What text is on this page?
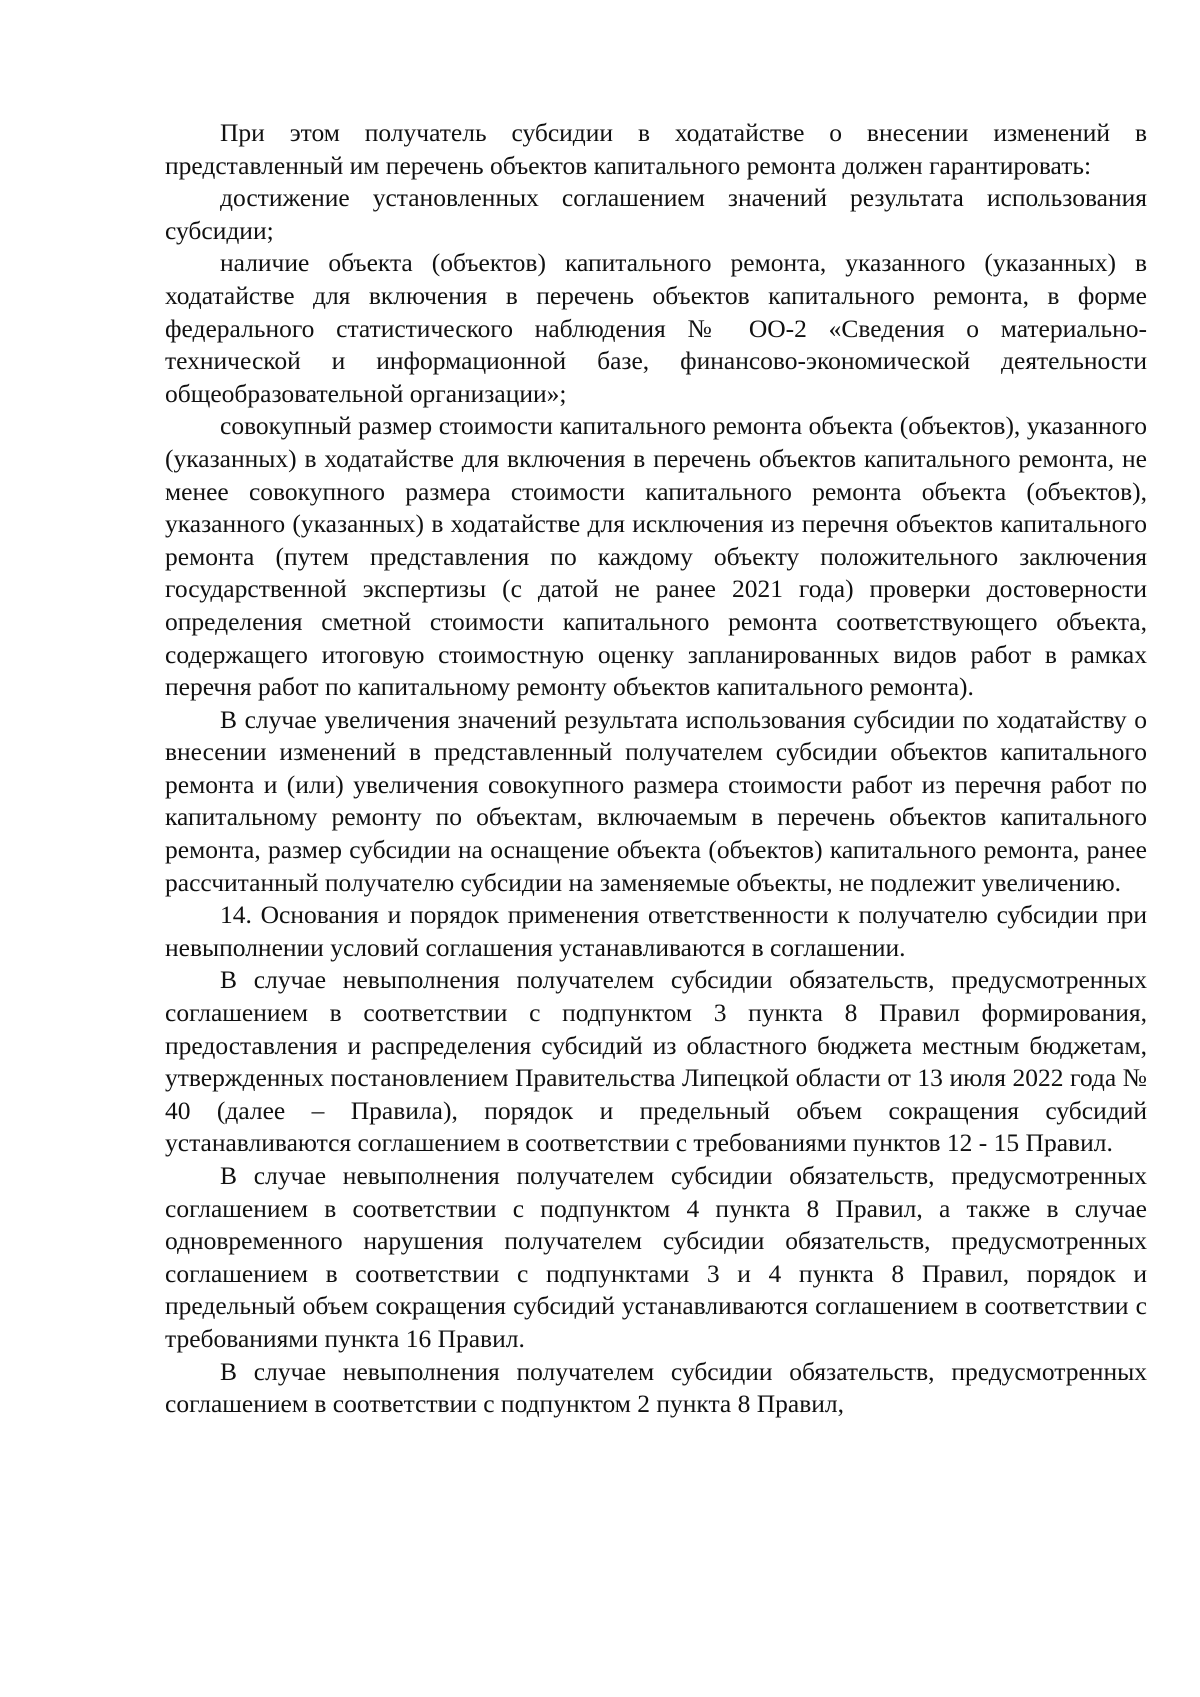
При этом получатель субсидии в ходатайстве о внесении изменений в представленный им перечень объектов капитального ремонта должен гарантировать:

достижение установленных соглашением значений результата использования субсидии;

наличие объекта (объектов) капитального ремонта, указанного (указанных) в ходатайстве для включения в перечень объектов капитального ремонта, в форме федерального статистического наблюдения № ОО-2 «Сведения о материально-технической и информационной базе, финансово-экономической деятельности общеобразовательной организации»;

совокупный размер стоимости капитального ремонта объекта (объектов), указанного (указанных) в ходатайстве для включения в перечень объектов капитального ремонта, не менее совокупного размера стоимости капитального ремонта объекта (объектов), указанного (указанных) в ходатайстве для исключения из перечня объектов капитального ремонта (путем представления по каждому объекту положительного заключения государственной экспертизы (с датой не ранее 2021 года) проверки достоверности определения сметной стоимости капитального ремонта соответствующего объекта, содержащего итоговую стоимостную оценку запланированных видов работ в рамках перечня работ по капитальному ремонту объектов капитального ремонта).

В случае увеличения значений результата использования субсидии по ходатайству о внесении изменений в представленный получателем субсидии объектов капитального ремонта и (или) увеличения совокупного размера стоимости работ из перечня работ по капитальному ремонту по объектам, включаемым в перечень объектов капитального ремонта, размер субсидии на оснащение объекта (объектов) капитального ремонта, ранее рассчитанный получателю субсидии на заменяемые объекты, не подлежит увеличению.

14. Основания и порядок применения ответственности к получателю субсидии при невыполнении условий соглашения устанавливаются в соглашении.

В случае невыполнения получателем субсидии обязательств, предусмотренных соглашением в соответствии с подпунктом 3 пункта 8 Правил формирования, предоставления и распределения субсидий из областного бюджета местным бюджетам, утвержденных постановлением Правительства Липецкой области от 13 июля 2022 года № 40 (далее – Правила), порядок и предельный объем сокращения субсидий устанавливаются соглашением в соответствии с требованиями пунктов 12 - 15 Правил.

В случае невыполнения получателем субсидии обязательств, предусмотренных соглашением в соответствии с подпунктом 4 пункта 8 Правил, а также в случае одновременного нарушения получателем субсидии обязательств, предусмотренных соглашением в соответствии с подпунктами 3 и 4 пункта 8 Правил, порядок и предельный объем сокращения субсидий устанавливаются соглашением в соответствии с требованиями пункта 16 Правил.

В случае невыполнения получателем субсидии обязательств, предусмотренных соглашением в соответствии с подпунктом 2 пункта 8 Правил,
